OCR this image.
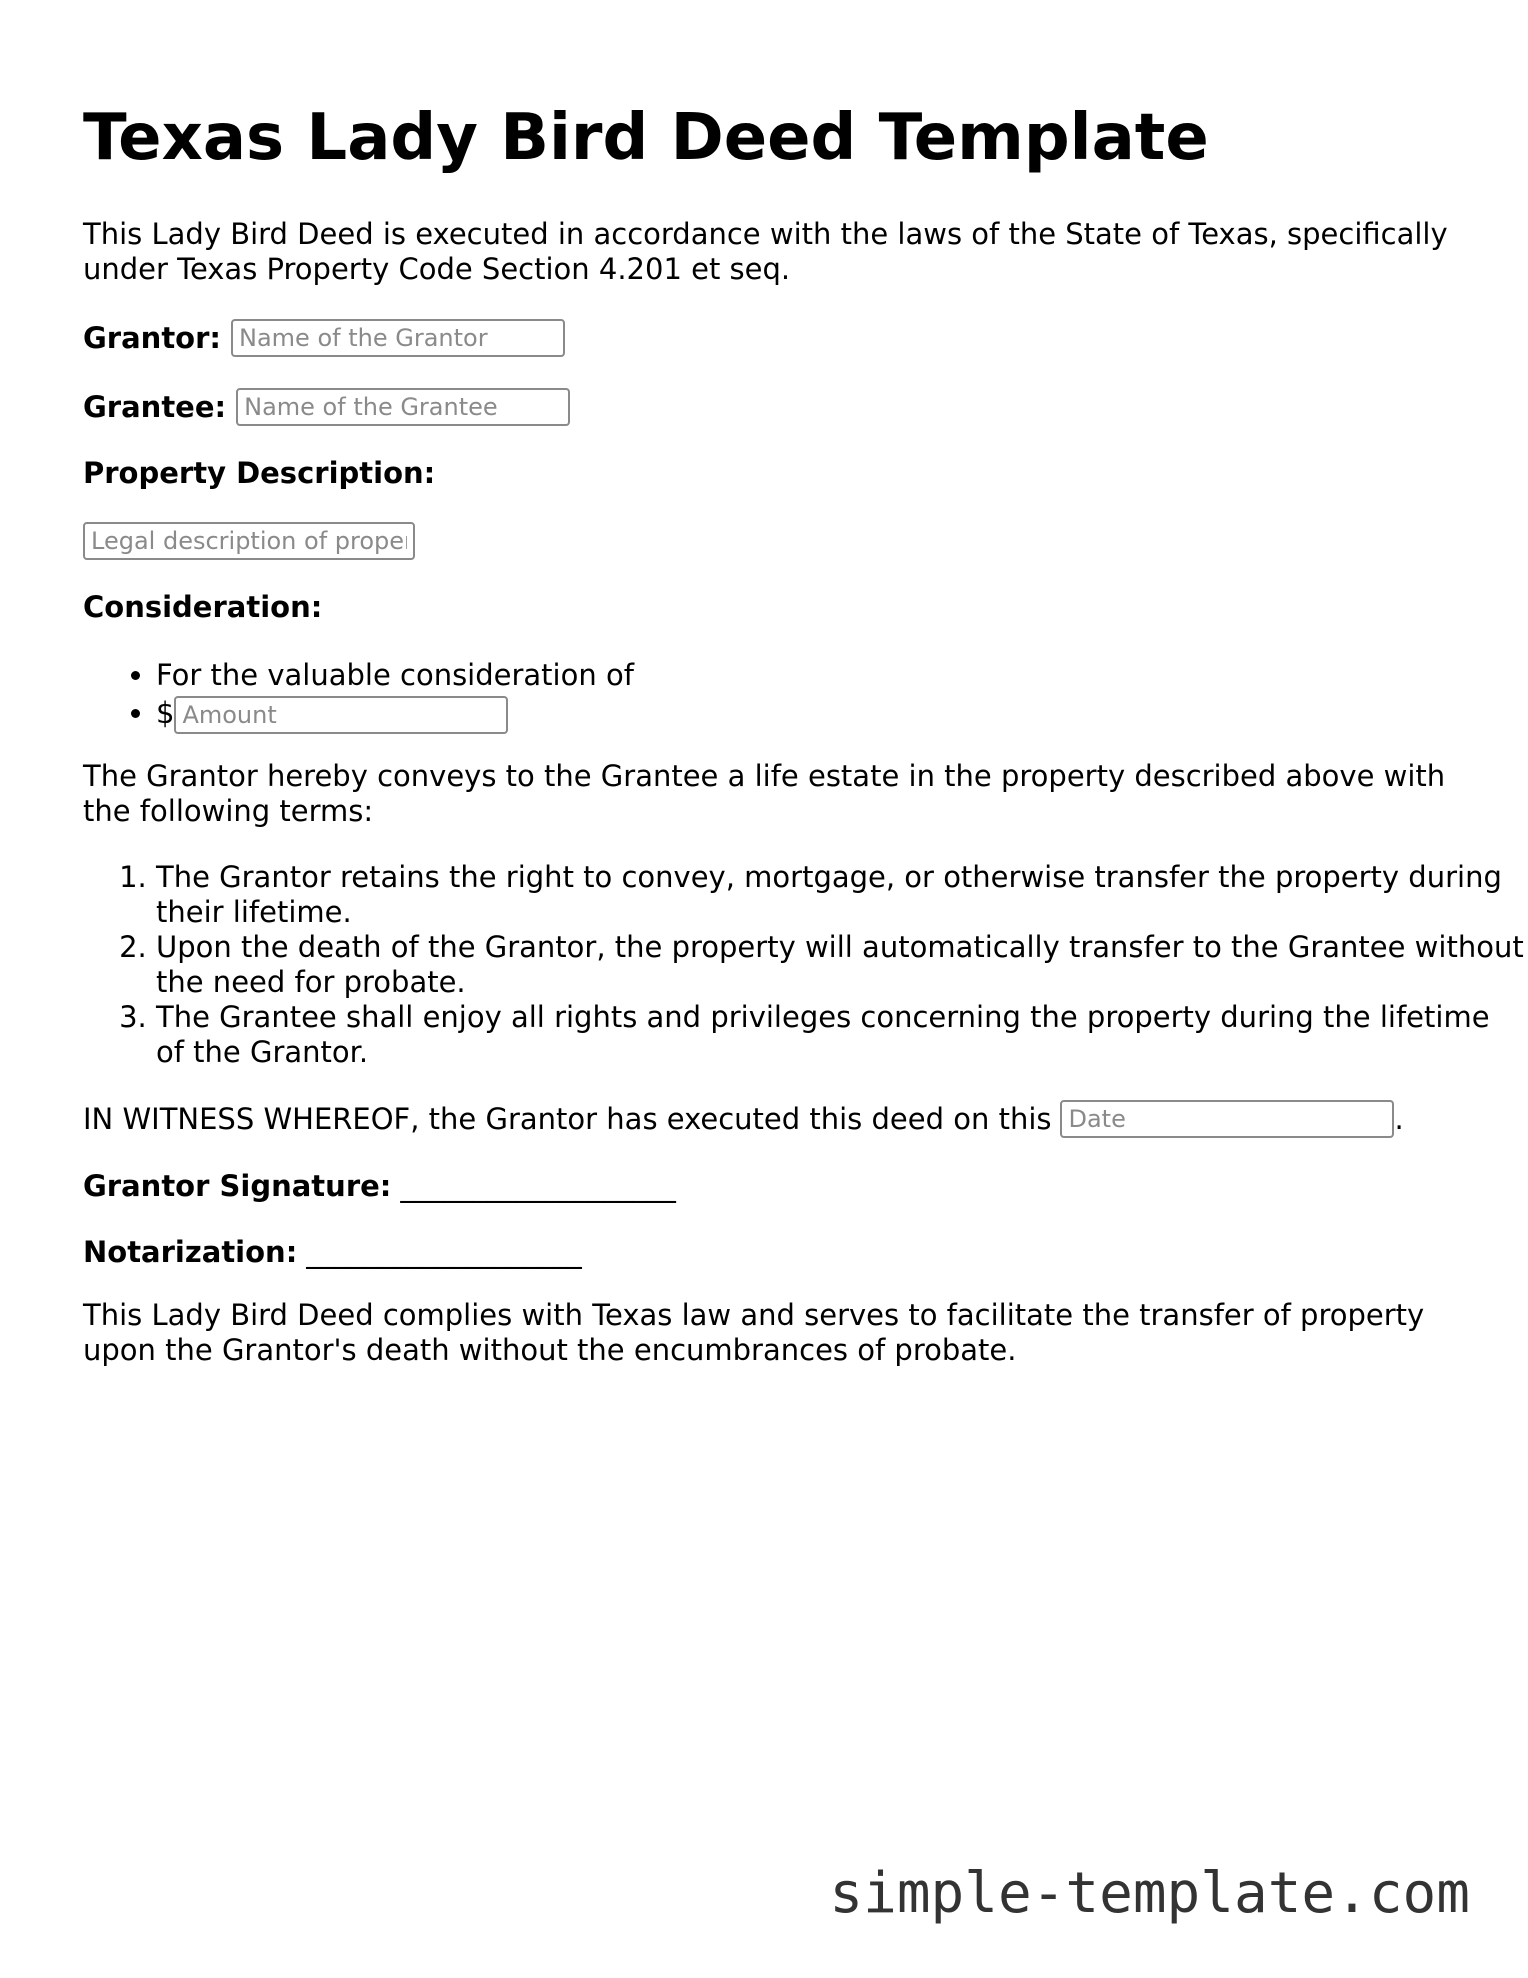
Texas Lady Bird Deed Template
This Lady Bird Deed is executed in accordance with the laws of the State of Texas, specifically under Texas Property Code Section 4.201 et seq.
Grantor:
Name of the Grantor
Grantee:
Name of the Grantee
Property Description:
Legal description of property
Consideration:
• For the valuable consideration of
• $Amount
The Grantor hereby conveys to the Grantee a life estate in the property described above with the following terms:
1. The Grantor retains the right to convey, mortgage, or otherwise transfer the property during their lifetime.
2. Upon the death of the Grantor, the property will automatically transfer to the Grantee without the need for probate.
3. The Grantee shall enjoy all rights and privileges concerning the property during the lifetime of the Grantor.
IN WITNESS WHEREOF, the Grantor has executed this deed on this
Date	.
Grantor Signature: ___________________
Notarization: ___________________
This Lady Bird Deed complies with Texas law and serves to facilitate the transfer of property upon the Grantor's death without the encumbrances of probate.
simple-template.com
